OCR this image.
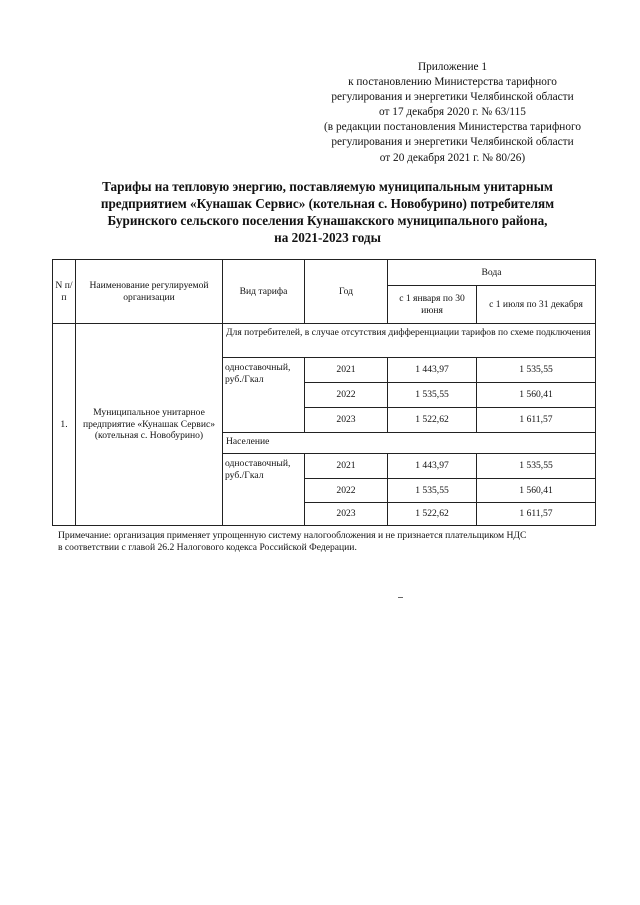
Приложение 1
к постановлению Министерства тарифного
регулирования и энергетики Челябинской области
от 17 декабря 2020 г. № 63/115
(в редакции постановления Министерства тарифного
регулирования и энергетики Челябинской области
от 20 декабря 2021 г. № 80/26)
Тарифы на тепловую энергию, поставляемую муниципальным унитарным
предприятием «Кунашак Сервис» (котельная с. Новобурино) потребителям
Буринского сельского поселения Кунашакского муниципального района,
на 2021-2023 годы
N п/п	Наименование регулируемой организации	Вид тарифа	Год	Вода	
				с 1 января по 30 июня	с 1 июля по 31 декабря
1.	Муниципальное унитарное предприятие «Кунашак Сервис» (котельная с. Новобурино)	Для потребителей, в случае отсутствия дифференциации тарифов по схеме подключения			
		одноставочный, руб./Гкал	2021	1 443,97	1 535,55
			2022	1 535,55	1 560,41
			2023	1 522,62	1 611,57
		Население			
		одноставочный, руб./Гкал	2021	1 443,97	1 535,55
			2022	1 535,55	1 560,41
			2023	1 522,62	1 611,57
Примечание: организация применяет упрощенную систему налогообложения и не признается плательщиком НДС
в соответствии с главой 26.2 Налогового кодекса Российской Федерации.
